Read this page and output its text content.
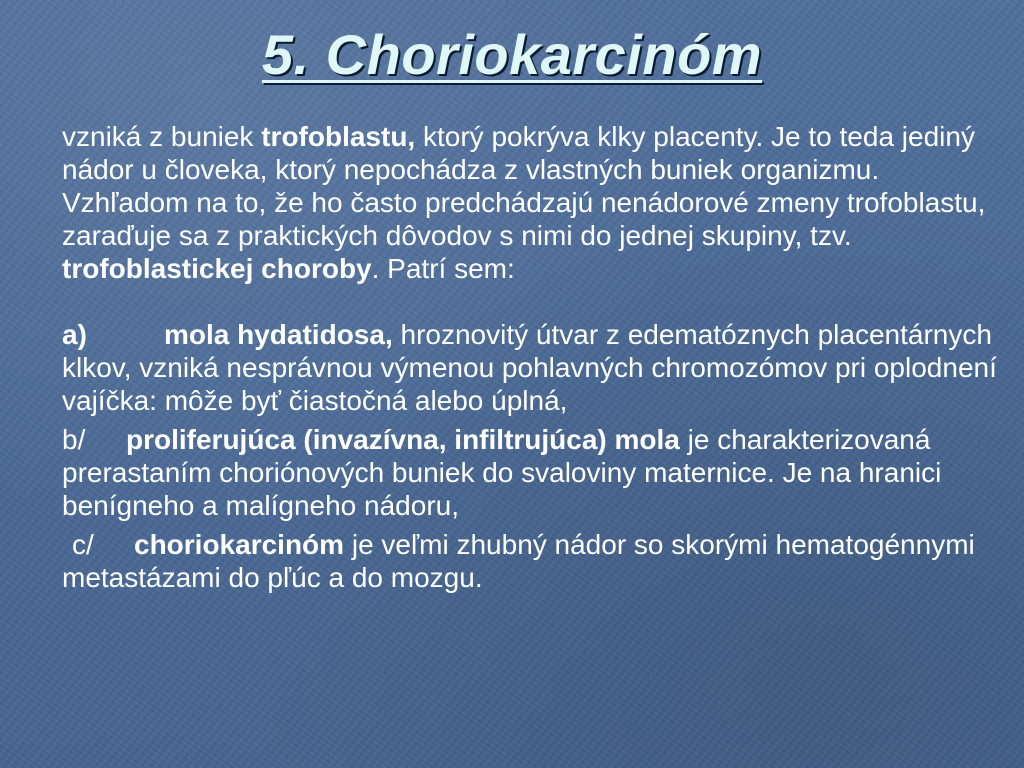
5. Choriokarcinóm

vzniká z buniek trofoblastu, ktorý pokrýva klky placenty. Je to teda jediný nádor u človeka, ktorý nepochádza z vlastných buniek organizmu. Vzhľadom na to, že ho často predchádzajú nenádorové zmeny trofoblastu, zaraďuje sa z praktických dôvodov s nimi do jednej skupiny, tzv. trofoblastickej choroby. Patrí sem:

a)	mola hydatidosa, hroznovitý útvar z edematóznych placentárnych klkov, vzniká nesprávnou výmenou pohlavných chromozómov pri oplodnení vajíčka: môže byť čiastočná alebo úplná,

b/ proliferujúca (invazívna, infiltrujúca) mola je charakterizovaná prerastaním choriónových buniek do svaloviny maternice. Je na hranici benígneho a malígneho nádoru,

c/ choriokarcinóm je veľmi zhubný nádor so skorými hematogénnymi metastázami do pľúc a do mozgu.
